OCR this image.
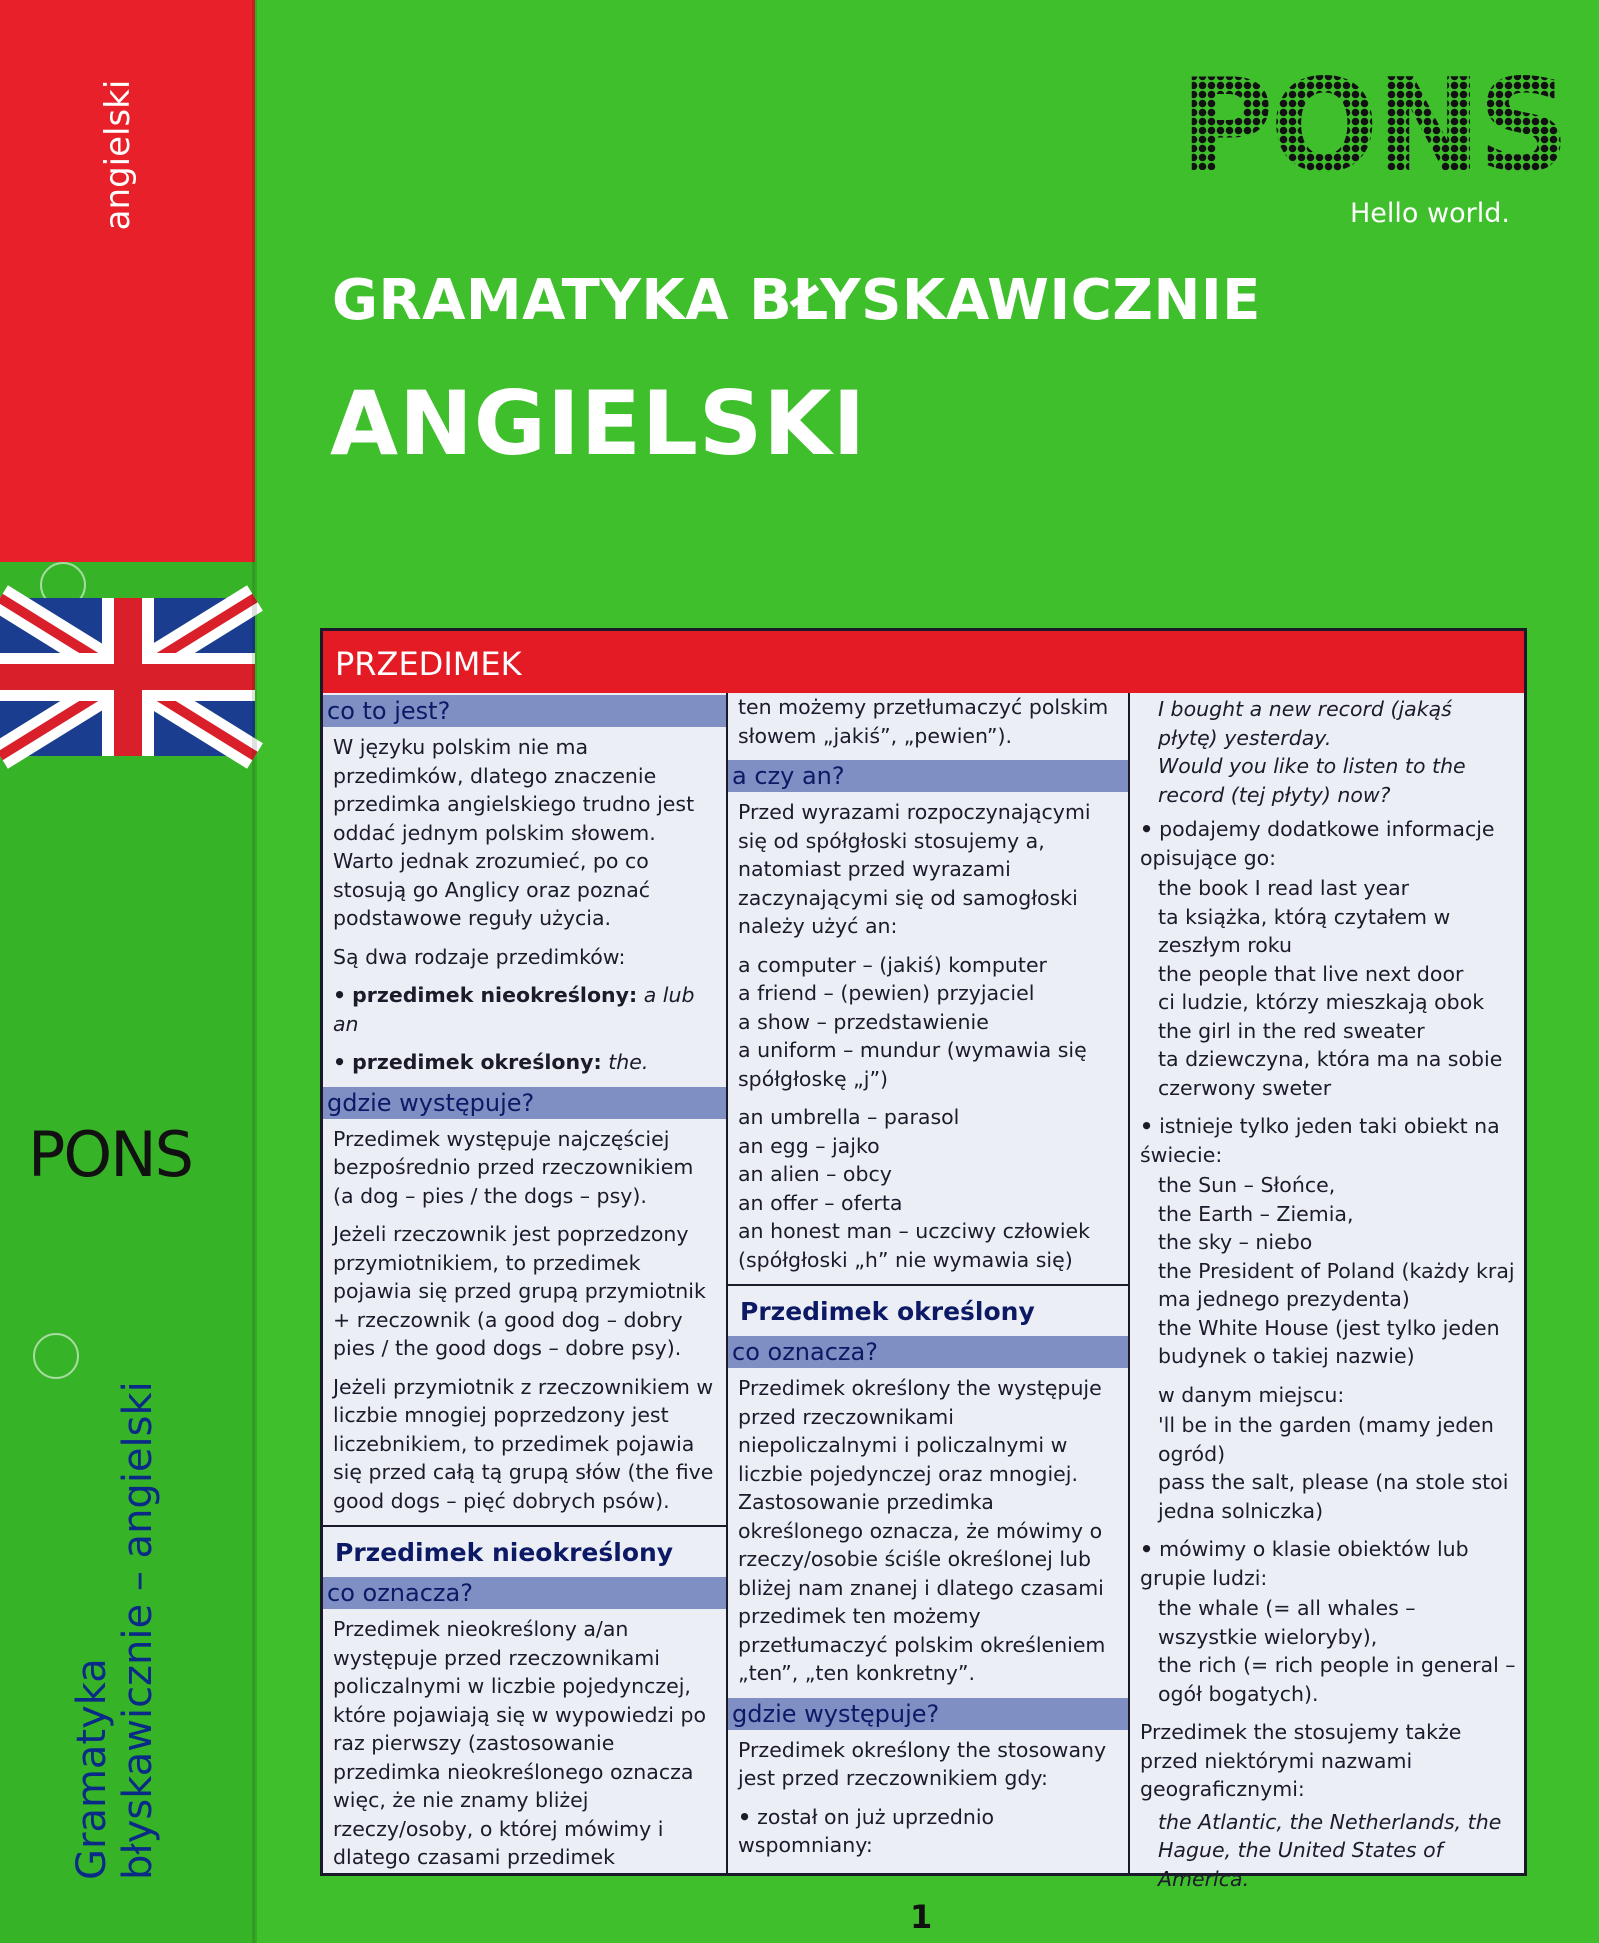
angielski
PONS
Gramatyka błyskawicznie – angielski
PONS
Hello world.
GRAMATYKA BŁYSKAWICZNIE
ANGIELSKI
PRZEDIMEK
co to jest?
W języku polskim nie ma przedimków, dlatego znaczenie przedimka angielskiego trudno jest oddać jednym polskim słowem. Warto jednak zrozumieć, po co stosują go Anglicy oraz poznać podstawowe reguły użycia.
Są dwa rodzaje przedimków:
• przedimek nieokreślony: a lub an
• przedimek określony: the.
gdzie występuje?
Przedimek występuje najczęściej bezpośrednio przed rzeczownikiem (a dog – pies / the dogs – psy).
Jeżeli rzeczownik jest poprzedzony przymiotnikiem, to przedimek pojawia się przed grupą przymiotnik + rzeczownik (a good dog – dobry pies / the good dogs – dobre psy).
Jeżeli przymiotnik z rzeczownikiem w liczbie mnogiej poprzedzony jest liczebnikiem, to przedimek pojawia się przed całą tą grupą słów (the five good dogs – pięć dobrych psów).
Przedimek nieokreślony
co oznacza?
Przedimek nieokreślony a/an występuje przed rzeczownikami policzalnymi w liczbie pojedynczej, które pojawiają się w wypowiedzi po raz pierwszy (zastosowanie przedimka nieokreślonego oznacza więc, że nie znamy bliżej rzeczy/osoby, o której mówimy i dlatego czasami przedimek
ten możemy przetłumaczyć polskim słowem „jakiś”, „pewien”).
a czy an?
Przed wyrazami rozpoczynającymi się od spółgłoski stosujemy a, natomiast przed wyrazami zaczynającymi się od samogłoski należy użyć an:
a computer – (jakiś) komputer
a friend – (pewien) przyjaciel
a show – przedstawienie
a uniform – mundur (wymawia się spółgłoskę „j”)
an umbrella – parasol
an egg – jajko
an alien – obcy
an offer – oferta
an honest man – uczciwy człowiek (spółgłoski „h” nie wymawia się)
Przedimek określony
co oznacza?
Przedimek określony the występuje przed rzeczownikami niepoliczalnymi i policzalnymi w liczbie pojedynczej oraz mnogiej. Zastosowanie przedimka określonego oznacza, że mówimy o rzeczy/osobie ściśle określonej lub bliżej nam znanej i dlatego czasami przedimek ten możemy przetłumaczyć polskim określeniem „ten”, „ten konkretny”.
gdzie występuje?
Przedimek określony the stosowany jest przed rzeczownikiem gdy:
• został on już uprzednio wspomniany:
I bought a new record (jakąś płytę) yesterday.
Would you like to listen to the record (tej płyty) now?
• podajemy dodatkowe informacje opisujące go:
the book I read last year
ta książka, którą czytałem w zeszłym roku
the people that live next door
ci ludzie, którzy mieszkają obok
the girl in the red sweater
ta dziewczyna, która ma na sobie czerwony sweter
• istnieje tylko jeden taki obiekt na świecie:
the Sun – Słońce,
the Earth – Ziemia,
the sky – niebo
the President of Poland (każdy kraj ma jednego prezydenta)
the White House (jest tylko jeden budynek o takiej nazwie)
w danym miejscu:
'll be in the garden (mamy jeden ogród)
pass the salt, please (na stole stoi jedna solniczka)
• mówimy o klasie obiektów lub grupie ludzi:
the whale (= all whales – wszystkie wieloryby),
the rich (= rich people in general – ogół bogatych).
Przedimek the stosujemy także przed niektórymi nazwami geograficznymi:
the Atlantic, the Netherlands, the Hague, the United States of America.
1
